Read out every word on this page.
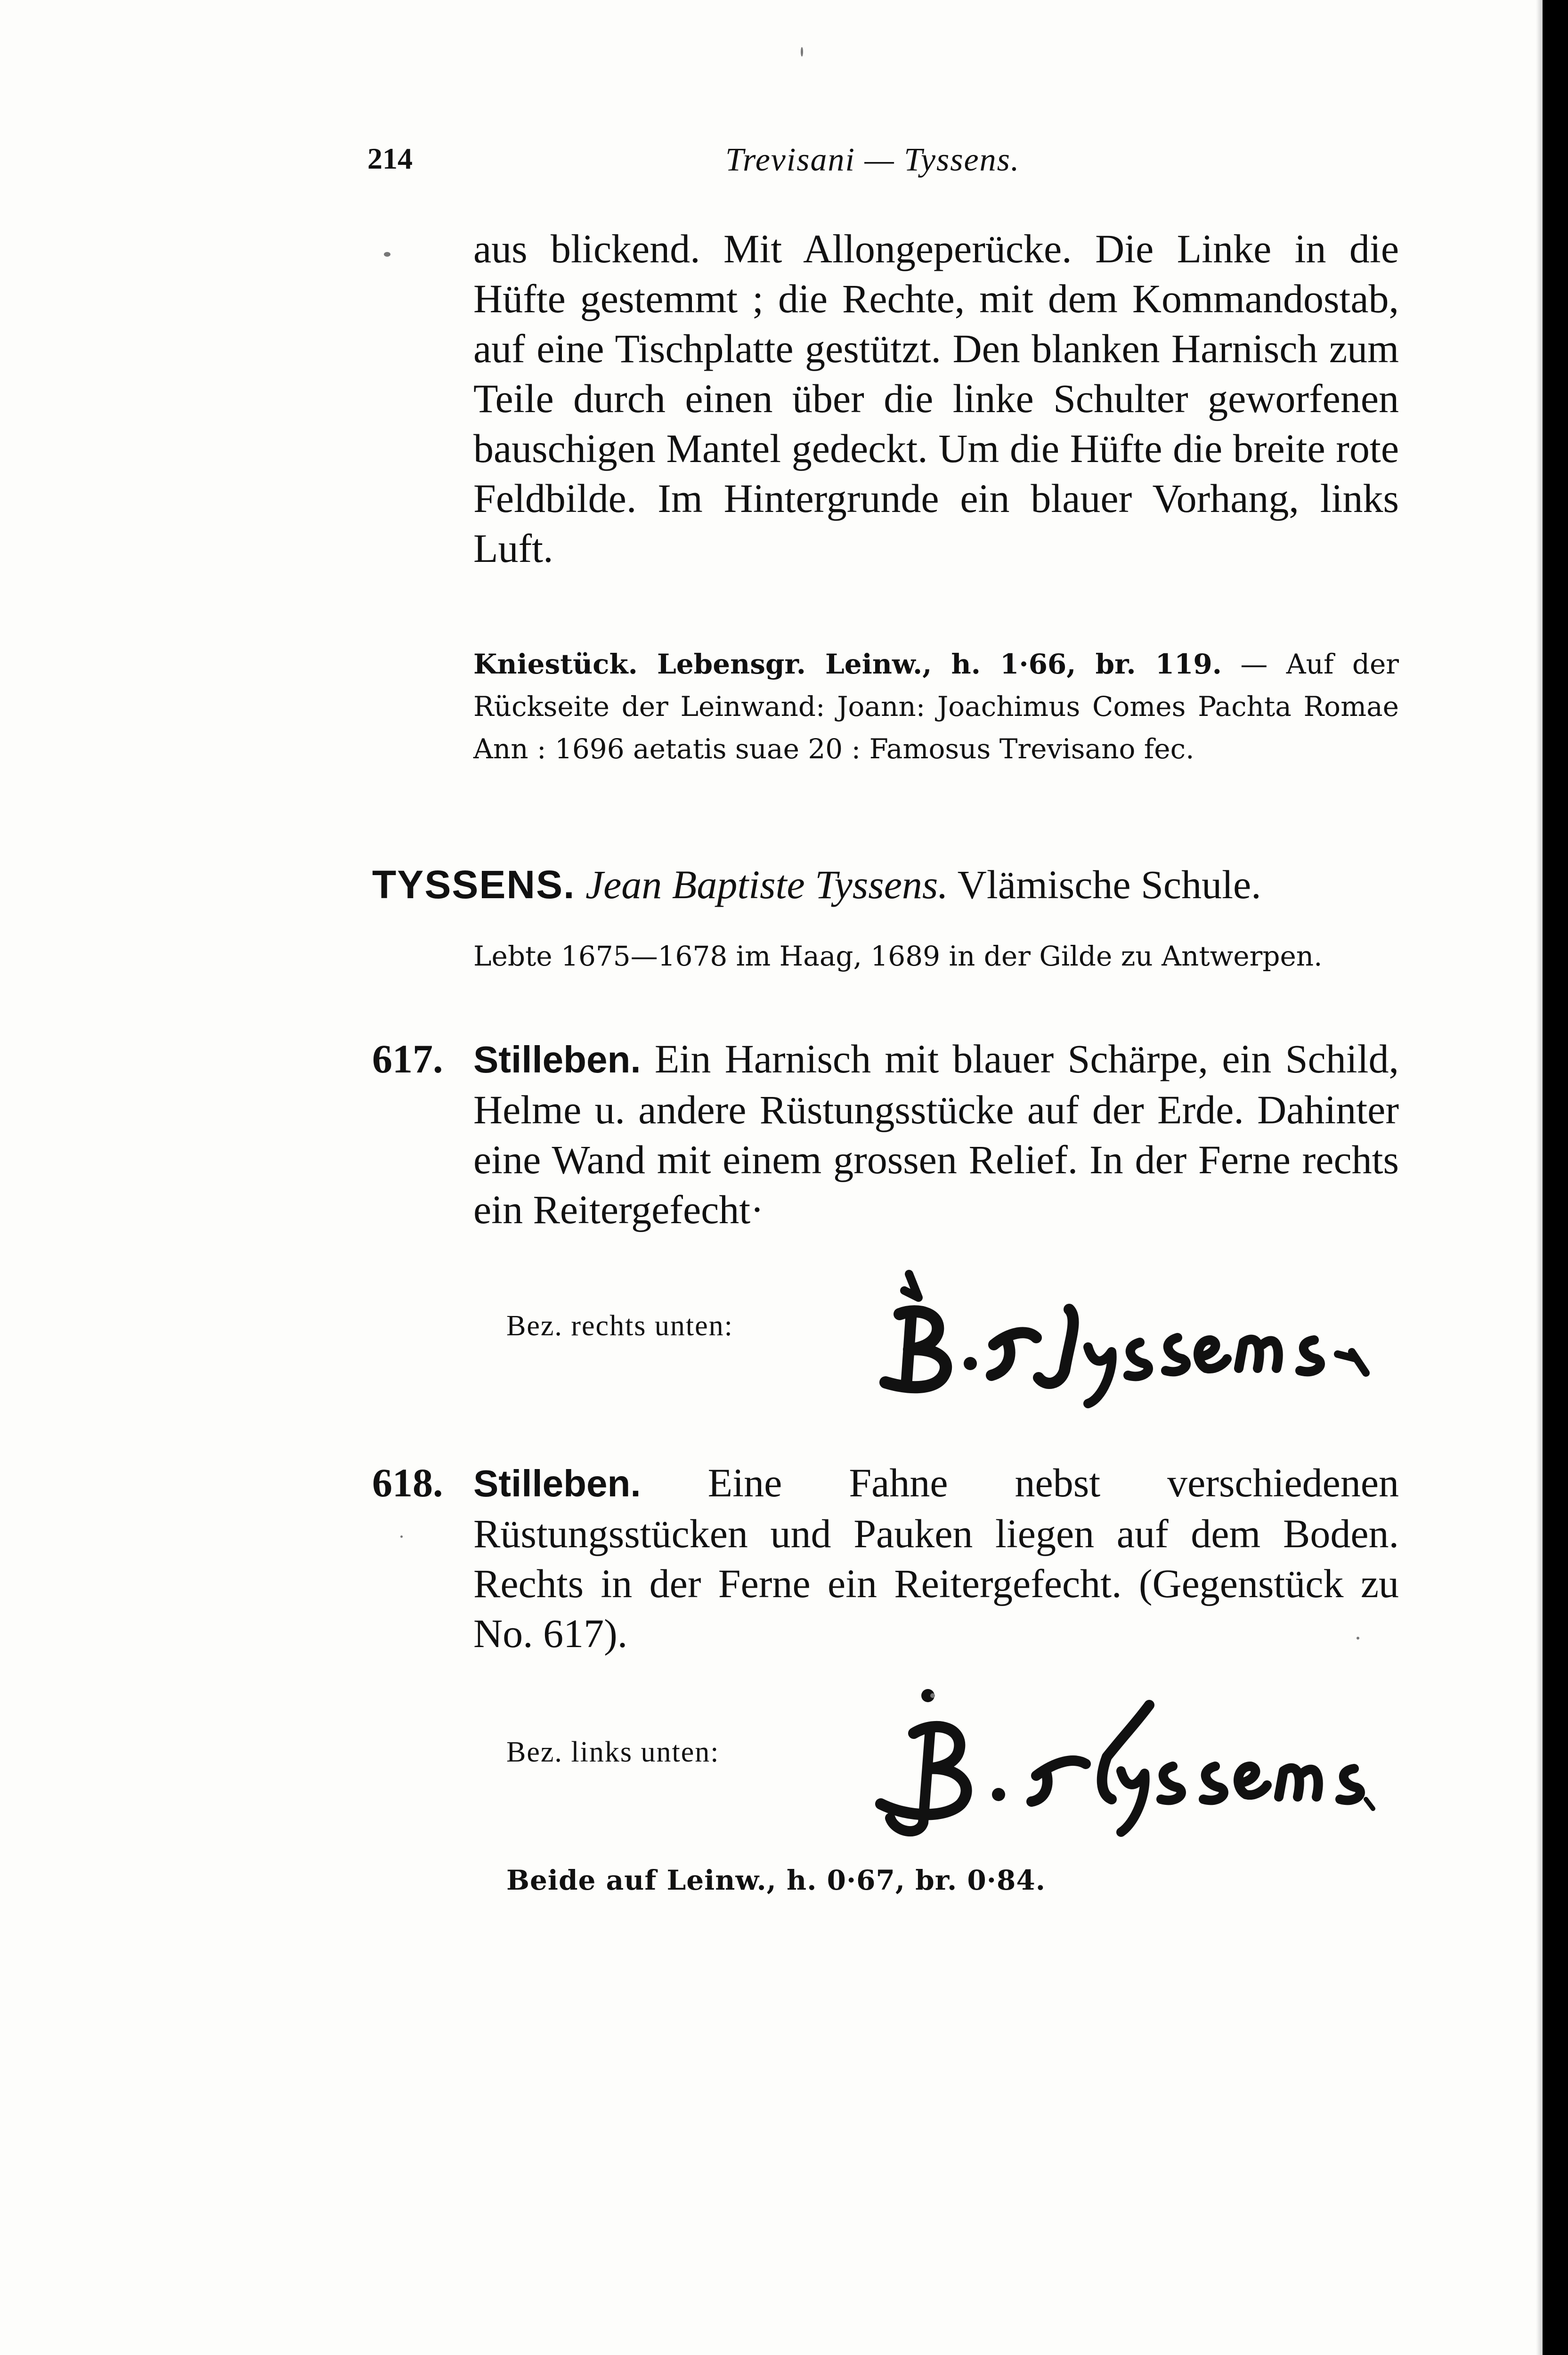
214	Trevisani — Tyssens.

aus blickend. Mit Allongeperücke. Die Linke in die Hüfte gestemmt ; die Rechte, mit dem Kommandostab, auf eine Tischplatte gestützt. Den blanken Harnisch zum Teile durch einen über die linke Schulter geworfenen bauschigen Mantel gedeckt. Um die Hüfte die breite rote Feldbilde. Im Hintergrunde ein blauer Vorhang, links Luft.

Kniestück. Lebensgr. Leinw., h. 1·66, br. 119. — Auf der Rückseite der Leinwand: Joann: Joachimus Comes Pachta Romae Ann : 1696 aetatis suae 20 : Famosus Trevisano fec.

TYSSENS. Jean Baptiste Tyssens. Vlämische Schule.

Lebte 1675—1678 im Haag, 1689 in der Gilde zu Antwerpen.

617. Stilleben. Ein Harnisch mit blauer Schärpe, ein Schild, Helme u. andere Rüstungsstücke auf der Erde. Dahinter eine Wand mit einem grossen Relief. In der Ferne rechts ein Reitergefecht·

Bez. rechts unten:
618. Stilleben. Eine Fahne nebst verschiedenen Rüstungsstücken und Pauken liegen auf dem Boden. Rechts in der Ferne ein Reitergefecht. (Gegenstück zu No. 617).

Bez. links unten:
Beide auf Leinw., h. 0·67, br. 0·84.
